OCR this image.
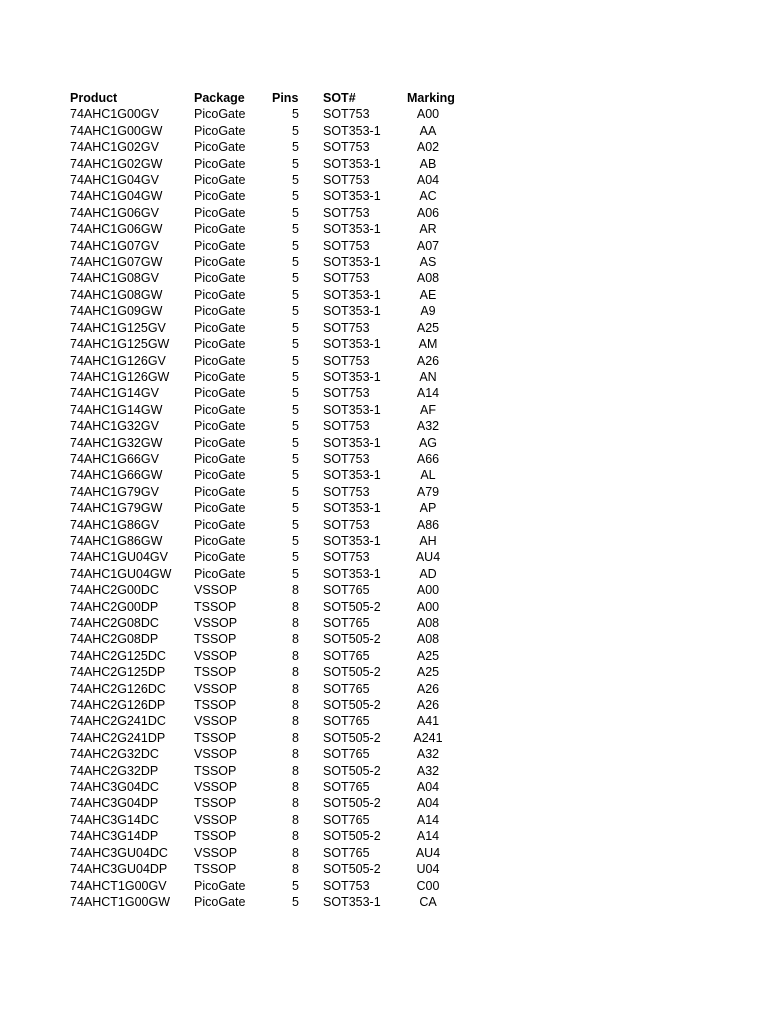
Product	Package	Pins SOT#	Marking
74AHC1G00GV	PicoGate	5 SOT753	A00
74AHC1G00GW	PicoGate	5 SOT353-1	AA
74AHC1G02GV	PicoGate	5 SOT753	A02
74AHC1G02GW	PicoGate	5 SOT353-1	AB
74AHC1G04GV	PicoGate	5 SOT753	A04
74AHC1G04GW	PicoGate	5 SOT353-1	AC
74AHC1G06GV	PicoGate	5 SOT753	A06
74AHC1G06GW	PicoGate	5 SOT353-1	AR
74AHC1G07GV	PicoGate	5 SOT753	A07
74AHC1G07GW	PicoGate	5 SOT353-1	AS
74AHC1G08GV	PicoGate	5 SOT753	A08
74AHC1G08GW	PicoGate	5 SOT353-1	AE
74AHC1G09GW	PicoGate	5 SOT353-1	A9
74AHC1G125GV	PicoGate	5 SOT753	A25
74AHC1G125GW	PicoGate	5 SOT353-1	AM
74AHC1G126GV	PicoGate	5 SOT753	A26
74AHC1G126GW	PicoGate	5 SOT353-1	AN
74AHC1G14GV	PicoGate	5 SOT753	A14
74AHC1G14GW	PicoGate	5 SOT353-1	AF
74AHC1G32GV	PicoGate	5 SOT753	A32
74AHC1G32GW	PicoGate	5 SOT353-1	AG
74AHC1G66GV	PicoGate	5 SOT753	A66
74AHC1G66GW	PicoGate	5 SOT353-1	AL
74AHC1G79GV	PicoGate	5 SOT753	A79
74AHC1G79GW	PicoGate	5 SOT353-1	AP
74AHC1G86GV	PicoGate	5 SOT753	A86
74AHC1G86GW	PicoGate	5 SOT353-1	AH
74AHC1GU04GV	PicoGate	5 SOT753	AU4
74AHC1GU04GW	PicoGate	5 SOT353-1	AD
74AHC2G00DC	VSSOP	8 SOT765	A00
74AHC2G00DP	TSSOP	8 SOT505-2	A00
74AHC2G08DC	VSSOP	8 SOT765	A08
74AHC2G08DP	TSSOP	8 SOT505-2	A08
74AHC2G125DC	VSSOP	8 SOT765	A25
74AHC2G125DP	TSSOP	8 SOT505-2	A25
74AHC2G126DC	VSSOP	8 SOT765	A26
74AHC2G126DP	TSSOP	8 SOT505-2	A26
74AHC2G241DC	VSSOP	8 SOT765	A41
74AHC2G241DP	TSSOP	8 SOT505-2	A241
74AHC2G32DC	VSSOP	8 SOT765	A32
74AHC2G32DP	TSSOP	8 SOT505-2	A32
74AHC3G04DC	VSSOP	8 SOT765	A04
74AHC3G04DP	TSSOP	8 SOT505-2	A04
74AHC3G14DC	VSSOP	8 SOT765	A14
74AHC3G14DP	TSSOP	8 SOT505-2	A14
74AHC3GU04DC	VSSOP	8 SOT765	AU4
74AHC3GU04DP	TSSOP	8 SOT505-2	U04
74AHCT1G00GV	PicoGate	5 SOT753	C00
74AHCT1G00GW	PicoGate	5 SOT353-1	CA
